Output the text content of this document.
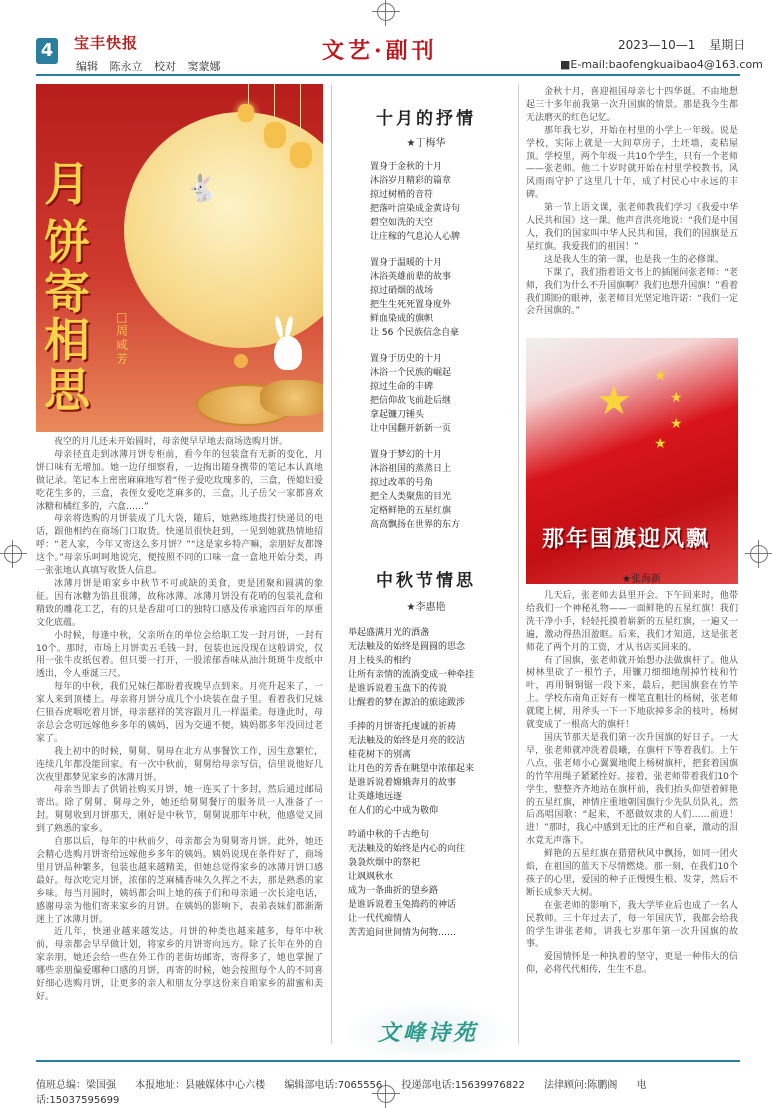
4	宝丰快报
编辑 陈永立 校对 窦蒙娜
文艺·副刊	2023—10—1 星期日
■E-mail:baofengkuaibao4@163.com
🐇
月
饼
寄
相
思
□周咸芳

夜空的月儿还未开始圆时，母亲便早早地去商场选购月饼。

母亲径直走到冰薄月饼专柜前，看今年的包装盒有无新的变化，月饼口味有无增加。她一边仔细察看，一边掏出随身携带的笔记本认真地做记录。笔记本上密密麻麻地写着“侄子爱吃玫瑰多的，三盒，侄媳妇爱吃花生多的，三盒，表侄女爱吃芝麻多的，三盒，儿子岳父一家都喜欢冰糖和橘红多的，六盒……”

母亲将选购的月饼装成了几大袋，随后，她熟练地拨打快递员的电话，跟他相约在商场门口取货。快递员很快赶到，一见到她就热情地招呼：“老人家，今年又寄这么多月饼？”“这是家乡特产嘛，亲朋好友都馋这个。”母亲乐呵呵地说完，便按照不同的口味一盒一盒地开始分类，再一张张地认真填写收货人信息。

冰薄月饼是咱家乡中秋节不可或缺的美食，更是团聚和圆满的象征。因有冰糖为馅且很薄，故称冰薄。冰薄月饼没有花哨的包装礼盒和精致的雕花工艺，有的只是香甜可口的独特口感及传承逾四百年的厚重文化底蕴。

小时候，每逢中秋，父亲所在的单位会给职工发一封月饼，一封有10个。那时，市场上月饼卖五毛钱一封，包装也远没现在这般讲究，仅用一张牛皮纸包着。但只要一打开，一股浓郁香味从油汁斑斑牛皮纸中透出，令人垂涎三尺。

每年的中秋，我们兄妹仨都盼着夜晚早点到来。月亮升起来了，一家人来到顶楼上。母亲将月饼分成几个小块装在盘子里。看着我们兄妹仨狼吞虎咽吃着月饼，母亲慈祥的笑容跟月儿一样温柔。每逢此时，母亲总会念叨远嫁他乡多年的姨妈，因为交通不便，姨妈都多年没回过老家了。

我上初中的时候，舅舅、舅母在北方从事餐饮工作，因生意繁忙，连续几年都没能回家。有一次中秋前，舅舅给母亲写信，信里说他好几次夜里都梦见家乡的冰薄月饼。

母亲当即去了供销社购买月饼，她一连买了十多封，然后通过邮局寄出。除了舅舅、舅母之外，她还给舅舅餐厅的服务员一人准备了一封。舅舅收到月饼那天，刚好是中秋节，舅舅说那年中秋，他感觉又回到了熟悉的家乡。

自那以后，每年的中秋前夕，母亲都会为舅舅寄月饼。此外，她还会精心选购月饼寄给远嫁他乡多年的姨妈。姨妈说现在条件好了，商场里月饼品种繁多，包装也越来越精美，但她总觉得家乡的冰薄月饼口感最好。每次吃完月饼，浓郁的芝麻橘香味久久挥之不去，那是熟悉的家乡味。每当月圆时，姨妈都会叫上她的孩子们和母亲通一次长途电话，感谢母亲为他们寄来家乡的月饼。在姨妈的影响下，表弟表妹们都渐渐迷上了冰薄月饼。

近几年，快递业越来越发达，月饼的种类也越来越多，每年中秋前，母亲都会早早做计划，将家乡的月饼寄向远方。除了长年在外的自家亲朋，她还会给一些在外工作的老街坊邮寄，寄得多了，她也掌握了哪些亲朋偏爱哪种口感的月饼，再寄的时候，她会按照每个人的不同喜好细心选购月饼，让更多的亲人和朋友分享这份来自咱家乡的甜蜜和美好。

十月的抒情
★丁梅华
置身于金秋的十月
沐浴岁月精彩的篇章
掠过树梢的音符
把落叶渲染成金黄诗句
碧空如洗的天空
让庄稼的气息沁人心脾
置身于温暖的十月
沐浴英雄前辈的故事
掠过硝烟的战场
把生生死死置身度外
鲜血染成的旗帜
让 56 个民族信念自豪
置身于历史的十月
沐浴一个民族的崛起
掠过生命的丰碑
把信仰故飞前赴后继
拿起镰刀锤头
让中国翻开新新一页
置身于梦幻的十月
沐浴祖国的蒸蒸日上
掠过改革的号角
把全人类聚焦的目光
定格鲜艳的五星红旗
高高飘扬在世界的东方
中秋节情思
★李惠艳
举起盛满月光的酒盏
无法触及的始终是圆圆的思念
月上枝头的相约
让所有亲情的流淌变成一种牵挂
是谁诉说着玉盘下的传说
让醒着的梦在源泊的旅途跋涉
手捧的月饼寄托虔诚的祈祷
无法触及的始终是月亮的皎洁
桂花树下的别离
让月色的芳香在眺望中浓郁起来
是谁诉说着嫦娥奔月的故事
让英雄地远逐
在人们的心中成为敬仰
吟诵中秋的千古绝句
无法触及的始终是内心的向往
袅袅炊烟中的祭祀
让飒飒秋水
成为一条曲折的望乡路
是谁诉说着玉兔捣药的神话
让一代代痴情人
苦苦追问世间情为何物……
文峰诗苑

金秋十月，喜迎祖国母亲七十四华诞。不由地想起三十多年前我第一次升国旗的情景。那是我今生都无法磨灭的红色记忆。

那年我七岁，开始在村里的小学上一年级。说是学校，实际上就是一大间草房子，土坯墙，麦秸屋顶。学校里，两个年级一共10个学生，只有一个老师——张老师。他二十岁时就开始在村里学校教书，风风雨雨守护了这里几十年，成了村民心中永远的丰碑。

第一节上语文课，张老师教我们学习《我爱中华人民共和国》这一课。他声音洪亮地说：“我们是中国人，我们的国家叫中华人民共和国，我们的国旗是五星红旗。我爱我们的祖国！”

这是我人生的第一课，也是我一生的必修课。

下课了，我们指着语文书上的插图问张老师：“老师，我们为什么不升国旗啊？我们也想升国旗！”看着我们期盼的眼神，张老师目光坚定地许诺：“我们一定会升国旗的。”

★
★
★
★
★
那年国旗迎风飘
★张海新

几天后，张老师去县里开会。下午回来时，他带给我们一个神秘礼物——一面鲜艳的五星红旗！我们洗干净小手，轻轻托摸着崭新的五星红旗，一遍又一遍，激动得热泪盈眶。后来，我们才知道，这是张老师花了两个月的工资，才从书店买回来的。

有了国旗，张老师就开始想办法做旗杆了。他从树林里砍了一根竹子，用镰刀细细地削掉竹枝和竹叶，再用铜铜锯一段下来，最后，把国旗套在竹竿上。学校东南角正好有一棵笔直粗壮的杨树，张老师就爬上树，用斧头一下一下地砍掉多余的枝叶，杨树就变成了一根高大的旗杆！

国庆节那天是我们第一次升国旗的好日子。一大早，张老师就冲洗着晨曦，在旗杆下等着我们。上午八点，张老师小心翼翼地爬上杨树旗杆，把套着国旗的竹竿用绳子紧紧拴好。接着，张老师带着我们10个学生，整整齐齐地站在旗杆前，我们抬头仰望着鲜艳的五星红旗，神情庄重地朝国旗行少先队员队礼，然后高唱国歌：“起来，不愿做奴隶的人们……前进！进！”那时，我心中感到无比的庄严和自豪，激动的泪水竟无声落下。

鲜艳的五星红旗在猎猎秋风中飘扬，如同一团火焰，在祖国的蓝天下尽情燃烧。那一刻，在我们10个孩子的心里，爱国的种子正慢慢生根、发芽，然后不断长成参天大树。

在张老师的影响下，我大学毕业后也成了一名人民教师。三十年过去了，每一年国庆节，我都会给我的学生讲张老师，讲我七岁那年第一次升国旗的故事。

爱国情怀是一种执着的坚守，更是一种伟大的信仰，必将代代相传，生生不息。

值班总编：梁国强 本报地址：县融媒体中心六楼 编辑部电话:7065556 投递部电话:15639976822 法律顾问:陈鹏阁 电话:15037595699
